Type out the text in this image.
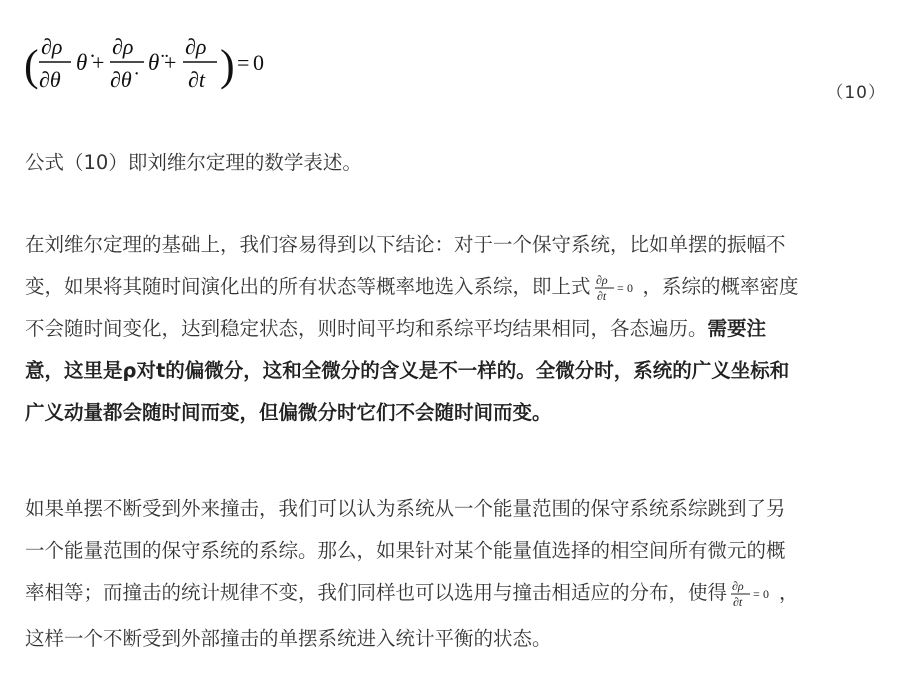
( ∂ρ
∂θ
θ̇ +
∂ρ
∂θ̇
θ̈ +
∂ρ
∂t ) = 0
（10）

公式（10）即刘维尔定理的数学表述。

在刘维尔定理的基础上，我们容易得到以下结论：对于一个保守系统，比如单摆的振幅不
变，如果将其随时间演化出的所有状态等概率地选入系综，即上式 ∂ρ
∂t
= 0 ，系综的概率密度
不会随时间变化，达到稳定状态，则时间平均和系综平均结果相同，各态遍历。需要注
意，这里是ρ对t的偏微分，这和全微分的含义是不一样的。全微分时，系统的广义坐标和
广义动量都会随时间而变，但偏微分时它们不会随时间而变。

如果单摆不断受到外来撞击，我们可以认为系统从一个能量范围的保守系统系综跳到了另
一个能量范围的保守系统的系综。那么，如果针对某个能量值选择的相空间所有微元的概
率相等；而撞击的统计规律不变，我们同样也可以选用与撞击相适应的分布，使得 ∂ρ
∂t
= 0 ，

这样一个不断受到外部撞击的单摆系统进入统计平衡的状态。
